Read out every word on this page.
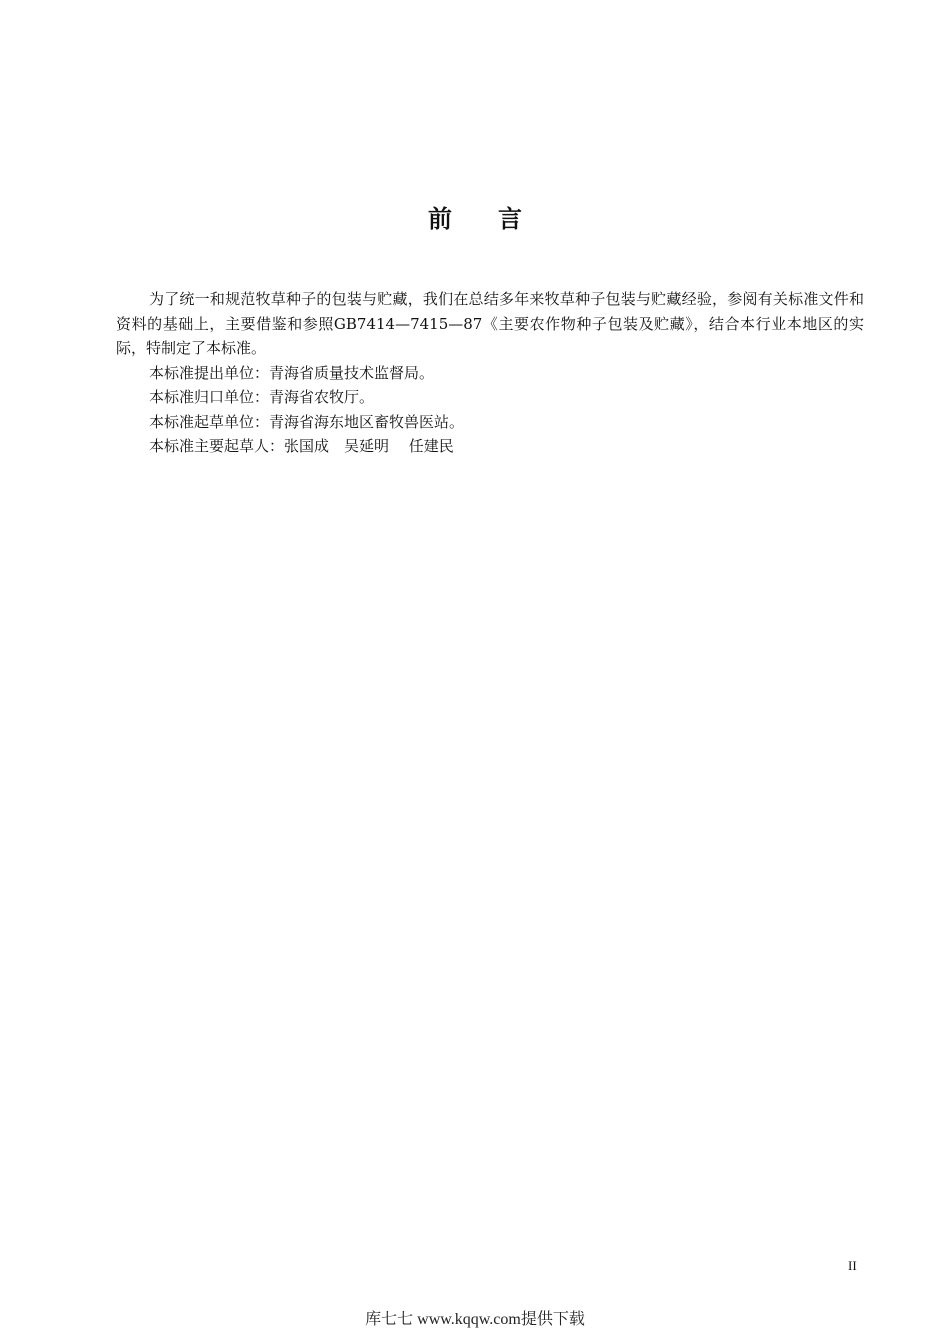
前言

为了统一和规范牧草种子的包装与贮藏，我们在总结多年来牧草种子包装与贮藏经验，参阅有关标准文件和资料的基础上，主要借鉴和参照GB7414—7415—87《主要农作物种子包装及贮藏》，结合本行业本地区的实际，特制定了本标准。

本标准提出单位：青海省质量技术监督局。

本标准归口单位：青海省农牧厅。

本标准起草单位：青海省海东地区畜牧兽医站。

本标准主要起草人：张国成　吴延明　 任建民

II
库七七 www.kqqw.com提供下载
